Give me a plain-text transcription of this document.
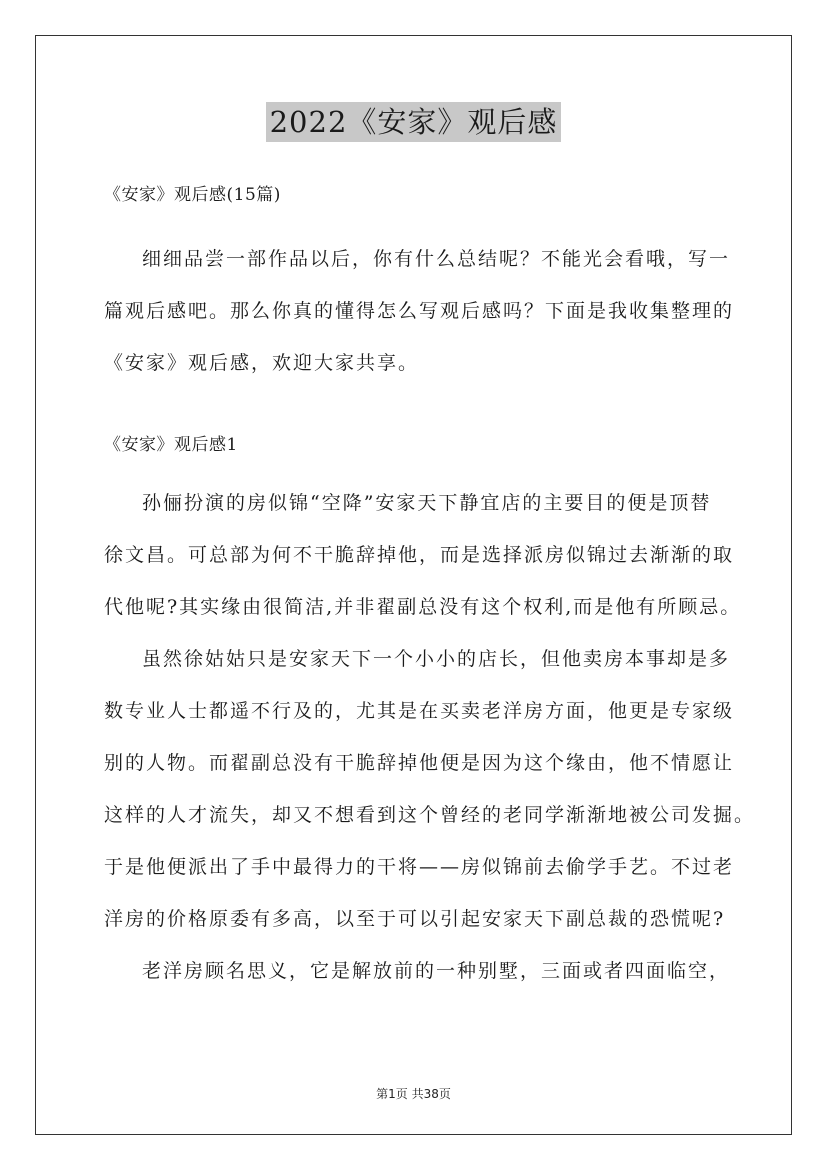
2022《安家》观后感
《安家》观后感(15篇)
细细品尝一部作品以后，你有什么总结呢？不能光会看哦，写一
篇观后感吧。那么你真的懂得怎么写观后感吗？下面是我收集整理的
《安家》观后感，欢迎大家共享。
《安家》观后感1
孙俪扮演的房似锦“空降”安家天下静宜店的主要目的便是顶替
徐文昌。可总部为何不干脆辞掉他，而是选择派房似锦过去渐渐的取
代他呢?其实缘由很简洁,并非翟副总没有这个权利,而是他有所顾忌。
虽然徐姑姑只是安家天下一个小小的店长，但他卖房本事却是多
数专业人士都遥不行及的，尤其是在买卖老洋房方面，他更是专家级
别的人物。而翟副总没有干脆辞掉他便是因为这个缘由，他不情愿让
这样的人才流失，却又不想看到这个曾经的老同学渐渐地被公司发掘。
于是他便派出了手中最得力的干将——房似锦前去偷学手艺。不过老
洋房的价格原委有多高，以至于可以引起安家天下副总裁的恐慌呢?
老洋房顾名思义，它是解放前的一种别墅，三面或者四面临空，
第1页 共38页
